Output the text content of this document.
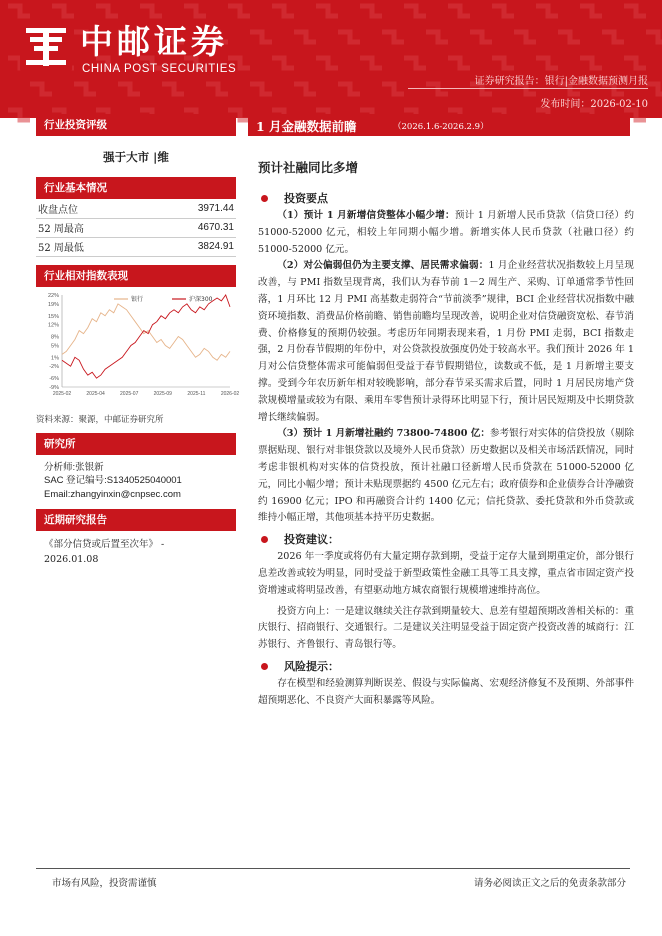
中邮证券
CHINA POST SECURITIES
证券研究报告：银行|金融数据预测月报
发布时间：2026-02-10
行业投资评级
强于大市 |维
行业基本情况
收盘点位	3971.44
52 周最高	4670.31
52 周最低	3824.91
行业相对指数表现
22%
19%
15%
12%
8%
5%
1%
-2%
-6%
-9%
2025-02	2025-04	2025-07	2025-09	2025-11	2026-02
银行	沪深300
资料来源：聚源，中邮证券研究所
研究所
分析师:张银新
SAC 登记编号:S1340525040001
Email:zhangyinxin@cnpsec.com
近期研究报告
《部分信贷或后置至次年》 -
2026.01.08
1 月金融数据前瞻	（2026.1.6-2026.2.9）
预计社融同比多增
投资要点
（1）预计 1 月新增信贷整体小幅少增：预计 1 月新增人民币贷款（信贷口径）约 51000-52000 亿元，相较上年同期小幅少增。新增实体人民币贷款（社融口径）约 51000-52000 亿元。
（2）对公偏弱但仍为主要支撑、居民需求偏弱：1 月企业经营状况指数较上月呈现改善，与 PMI 指数呈现背离，我们认为春节前 1－2 周生产、采购、订单通常季节性回落，1 月环比 12 月 PMI 高基数走弱符合“节前淡季”规律，BCI 企业经营状况指数中融资环境指数、消费品价格前瞻、销售前瞻均呈现改善，说明企业对信贷融资宽松、春节消费、价格修复的预期仍较强。考虑历年同期表现来看，1 月份 PMI 走弱，BCI 指数走强，2 月份春节假期的年份中，对公贷款投放强度仍处于较高水平。我们预计 2026 年 1 月对公信贷整体需求可能偏弱但受益于春节假期错位，读数或不低，是 1 月新增主要支撑。受到今年农历新年相对较晚影响，部分春节采买需求后置，同时 1 月居民房地产贷款规模增量或较为有限、乘用车零售预计录得环比明显下行，预计居民短期及中长期贷款增长继续偏弱。
（3）预计 1 月新增社融约 73800-74800 亿：参考银行对实体的信贷投放（剔除票据贴现、银行对非银贷款以及境外人民币贷款）历史数据以及相关市场活跃情况，同时考虑非银机构对实体的信贷投放，预计社融口径新增人民币贷款在 51000-52000 亿元，同比小幅少增；预计未贴现票据约 4500 亿元左右；政府债券和企业债券合计净融资约 16900 亿元；IPO 和再融资合计约 1400 亿元；信托贷款、委托贷款和外币贷款或维持小幅正增，其他项基本持平历史数据。
投资建议：
2026 年一季度或将仍有大量定期存款到期，受益于定存大量到期重定价，部分银行息差改善或较为明显，同时受益于新型政策性金融工具等工具支撑，重点省市固定资产投资增速或将明显改善，有望驱动地方城农商银行规模增速维持高位。
投资方向上：一是建议继续关注存款到期量较大、息差有望超预期改善相关标的：重庆银行、招商银行、交通银行。二是建议关注明显受益于固定资产投资改善的城商行：江苏银行、齐鲁银行、青岛银行等。
风险提示：
存在模型和经验测算判断误差、假设与实际偏离、宏观经济修复不及预期、外部事件超预期恶化、不良资产大面积暴露等风险。
市场有风险，投资需谨慎	请务必阅读正文之后的免责条款部分
